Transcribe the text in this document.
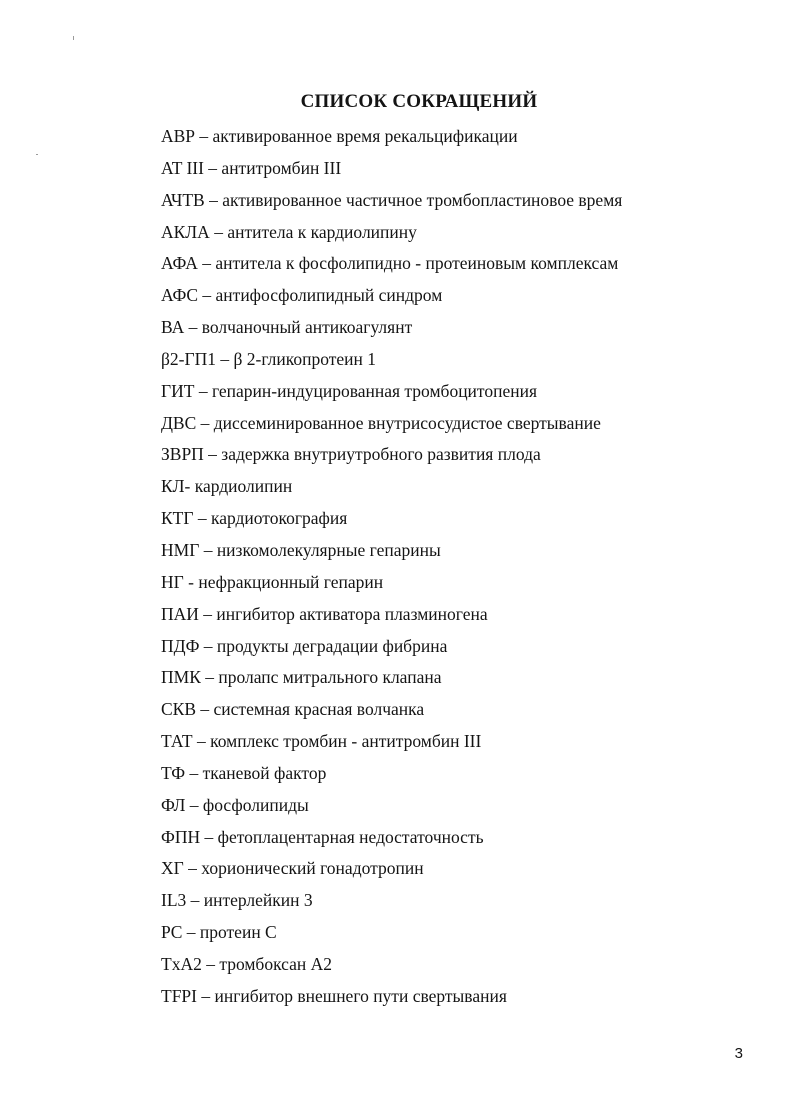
СПИСОК СОКРАЩЕНИЙ
АВР – активированное время рекальцификации
AT III – антитромбин III
АЧТВ – активированное частичное тромбопластиновое время
АКЛА – антитела к кардиолипину
АФА – антитела к фосфолипидно - протеиновым комплексам
АФС – антифосфолипидный синдром
ВА – волчаночный антикоагулянт
β2-ГП1 – β 2-гликопротеин 1
ГИТ – гепарин-индуцированная тромбоцитопения
ДВС – диссеминированное внутрисосудистое свертывание
ЗВРП – задержка внутриутробного развития плода
КЛ- кардиолипин
КТГ – кардиотокография
НМГ – низкомолекулярные гепарины
НГ - нефракционный гепарин
ПАИ – ингибитор активатора плазминогена
ПДФ – продукты деградации фибрина
ПМК – пролапс митрального клапана
СКВ – системная красная волчанка
ТАТ – комплекс тромбин - антитромбин III
ТФ – тканевой фактор
ФЛ – фосфолипиды
ФПН – фетоплацентарная недостаточность
ХГ – хорионический гонадотропин
IL3 – интерлейкин 3
PC – протеин С
TxA2 – тромбоксан А2
TFPI – ингибитор внешнего пути свертывания
3
